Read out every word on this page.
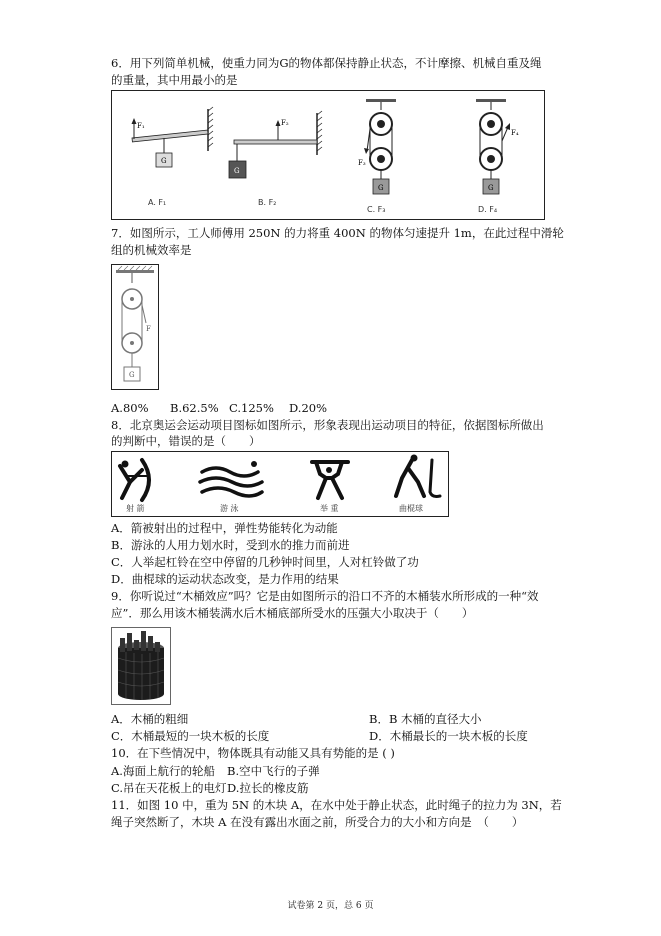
6．用下列简单机械，使重力同为G的物体都保持静止状态，不计摩擦、机械自重及绳
的重量，其中用最小的是
F₁
G
A. F₁
F₂
G
B. F₂
F₃
G
C. F₃
F₄
G
D. F₄
7．如图所示，工人师傅用 250N 的力将重 400N 的物体匀速提升 1m，在此过程中滑轮
组的机械效率是
F
G
A.80% B.62.5% C.125% D.20%
8．北京奥运会运动项目图标如图所示，形象表现出运动项目的特征，依据图标所做出
的判断中，错误的是（　　）
射 箭	游 泳	举 重	曲棍球
A．箭被射出的过程中，弹性势能转化为动能
B．游泳的人用力划水时，受到水的推力而前进
C．人举起杠铃在空中停留的几秒钟时间里，人对杠铃做了功
D．曲棍球的运动状态改变，是力作用的结果
9．你听说过“木桶效应”吗？它是由如图所示的沿口不齐的木桶装水所形成的一种“效
应”．那么用该木桶装满水后木桶底部所受水的压强大小取决于（　　）
A．木桶的粗细	B．B 木桶的直径大小
C．木桶最短的一块木板的长度	D．木桶最长的一块木板的长度
10．在下些情况中，物体既具有动能又具有势能的是 ( )
A.海面上航行的轮船 B.空中飞行的子弹
C.吊在天花板上的电灯 D.拉长的橡皮筋
11．如图 10 中，重为 5N 的木块 A，在水中处于静止状态，此时绳子的拉力为 3N，若
绳子突然断了，木块 A 在没有露出水面之前，所受合力的大小和方向是　（　　）
试卷第 2 页，总 6 页
